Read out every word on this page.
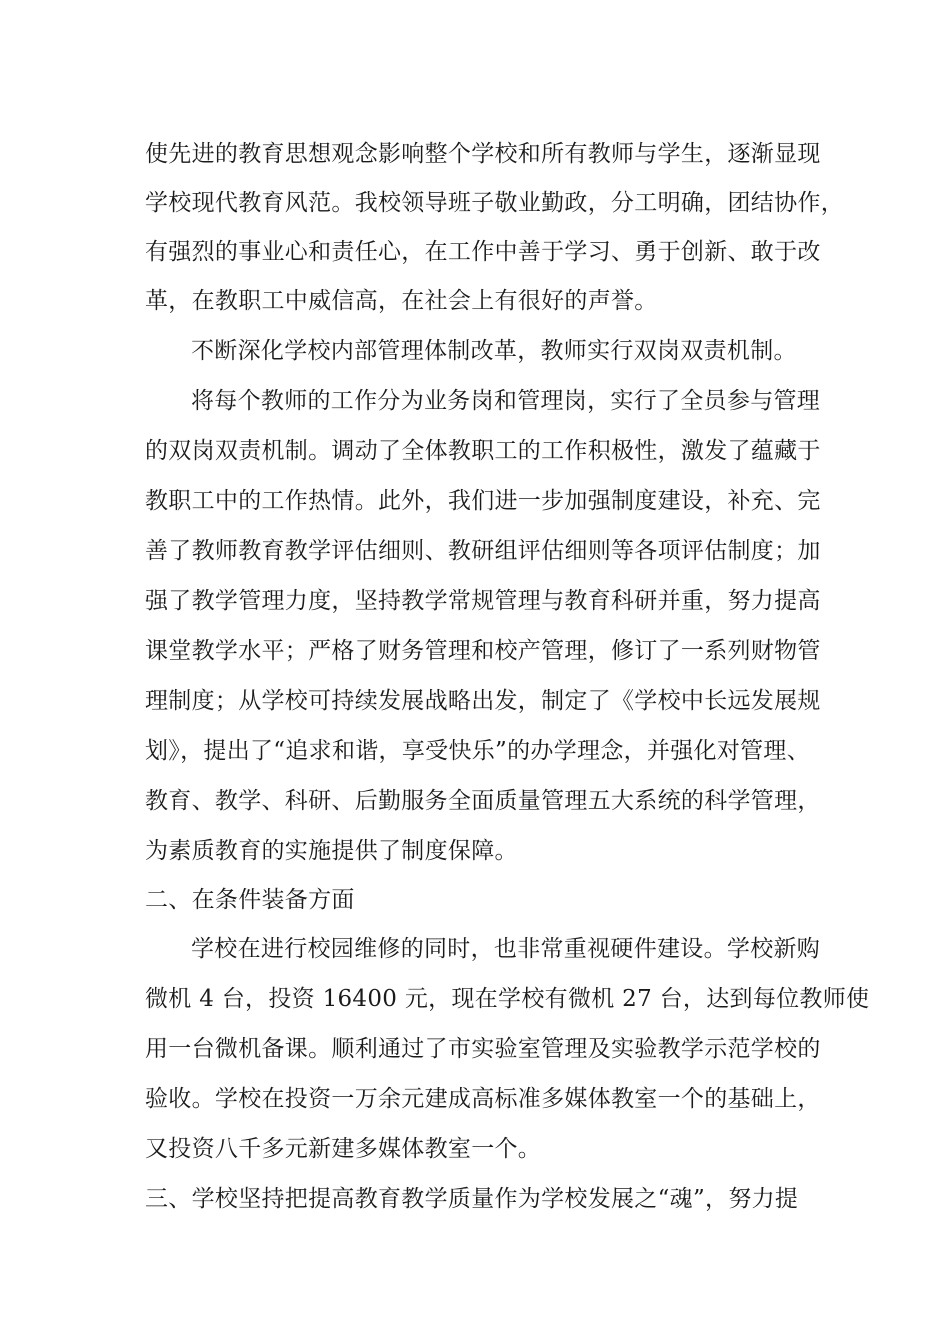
使先进的教育思想观念影响整个学校和所有教师与学生，逐渐显现
学校现代教育风范。我校领导班子敬业勤政，分工明确，团结协作，
有强烈的事业心和责任心，在工作中善于学习、勇于创新、敢于改
革，在教职工中威信高，在社会上有很好的声誉。
不断深化学校内部管理体制改革，教师实行双岗双责机制。
将每个教师的工作分为业务岗和管理岗，实行了全员参与管理
的双岗双责机制。调动了全体教职工的工作积极性，激发了蕴藏于
教职工中的工作热情。此外，我们进一步加强制度建设，补充、完
善了教师教育教学评估细则、教研组评估细则等各项评估制度；加
强了教学管理力度，坚持教学常规管理与教育科研并重，努力提高
课堂教学水平；严格了财务管理和校产管理，修订了一系列财物管
理制度；从学校可持续发展战略出发，制定了《学校中长远发展规
划》，提出了“追求和谐，享受快乐”的办学理念，并强化对管理、
教育、教学、科研、后勤服务全面质量管理五大系统的科学管理，
为素质教育的实施提供了制度保障。
二、在条件装备方面
学校在进行校园维修的同时，也非常重视硬件建设。学校新购
微机 4 台，投资 16400 元，现在学校有微机 27 台，达到每位教师使
用一台微机备课。顺利通过了市实验室管理及实验教学示范学校的
验收。学校在投资一万余元建成高标准多媒体教室一个的基础上，
又投资八千多元新建多媒体教室一个。
三、学校坚持把提高教育教学质量作为学校发展之“魂”，努力提
